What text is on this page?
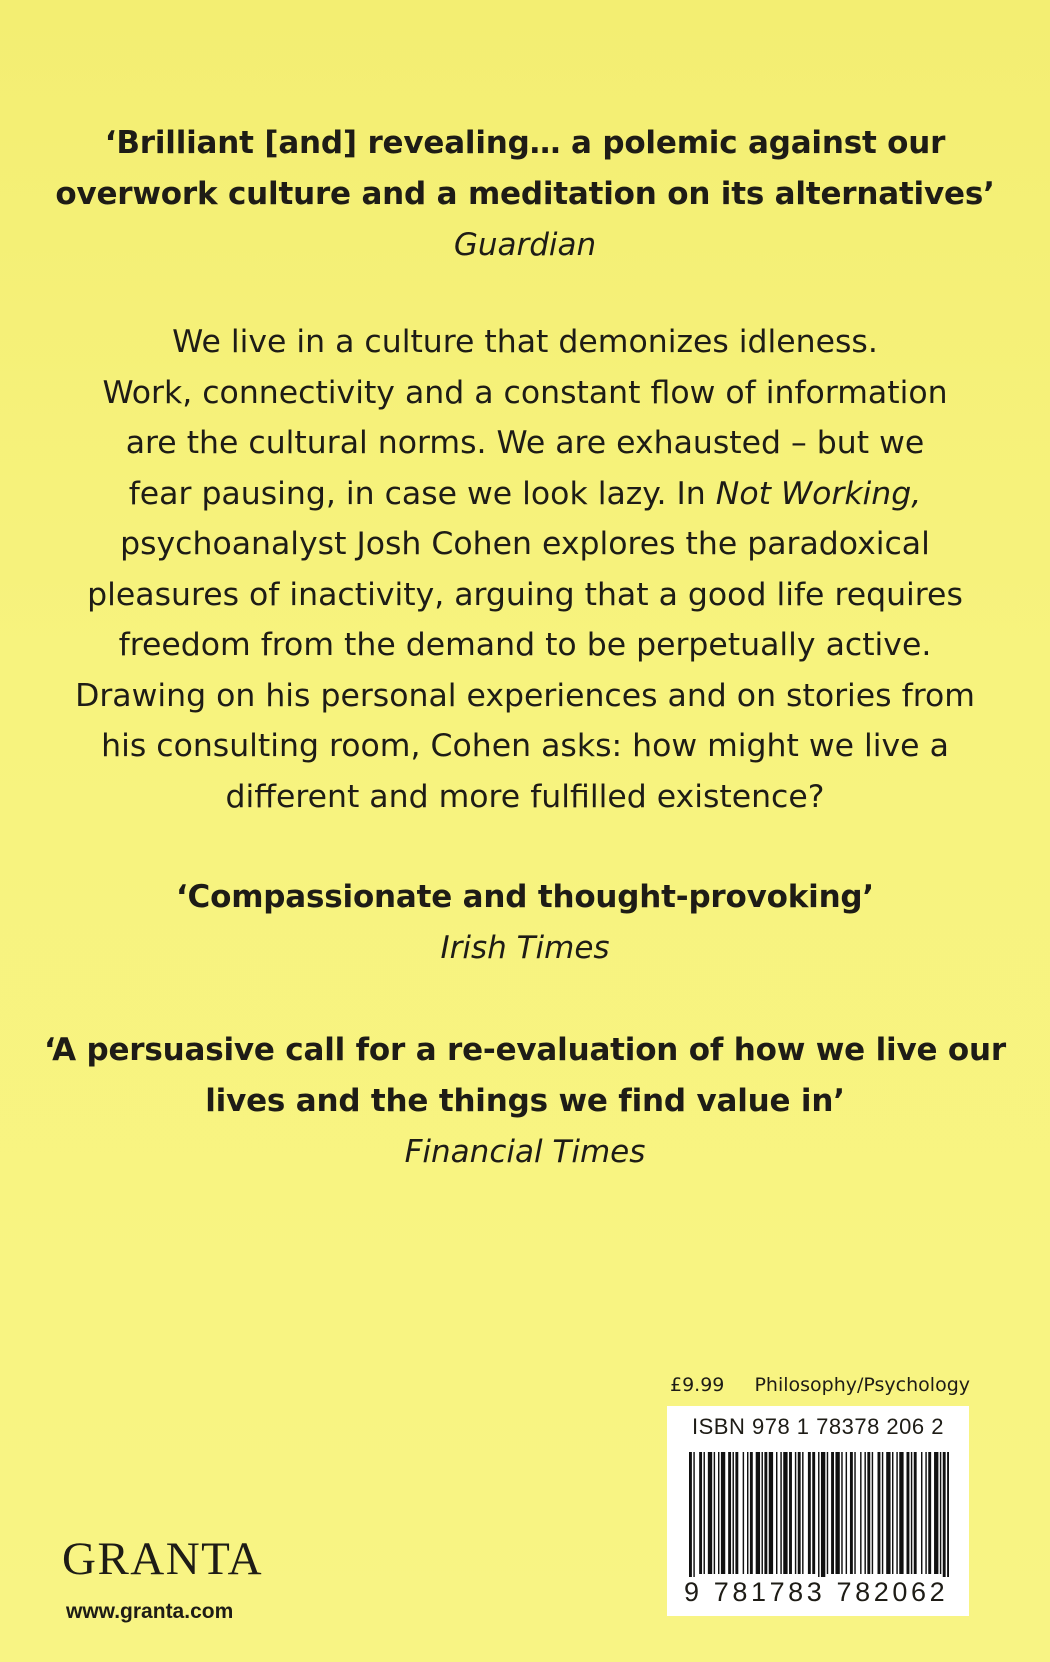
‘Brilliant [and] revealing… a polemic against our
overwork culture and a meditation on its alternatives’
Guardian
We live in a culture that demonizes idleness.
Work, connectivity and a constant flow of information
are the cultural norms. We are exhausted – but we
fear pausing, in case we look lazy. In Not Working,
psychoanalyst Josh Cohen explores the paradoxical
pleasures of inactivity, arguing that a good life requires
freedom from the demand to be perpetually active.
Drawing on his personal experiences and on stories from
his consulting room, Cohen asks: how might we live a
different and more fulfilled existence?
‘Compassionate and thought-provoking’
Irish Times
‘A persuasive call for a re-evaluation of how we live our
lives and the things we find value in’
Financial Times
£9.99 Philosophy/Psychology
ISBN 978 1 78378 206 2
9 781783 782062
GRANTA
www.granta.com
